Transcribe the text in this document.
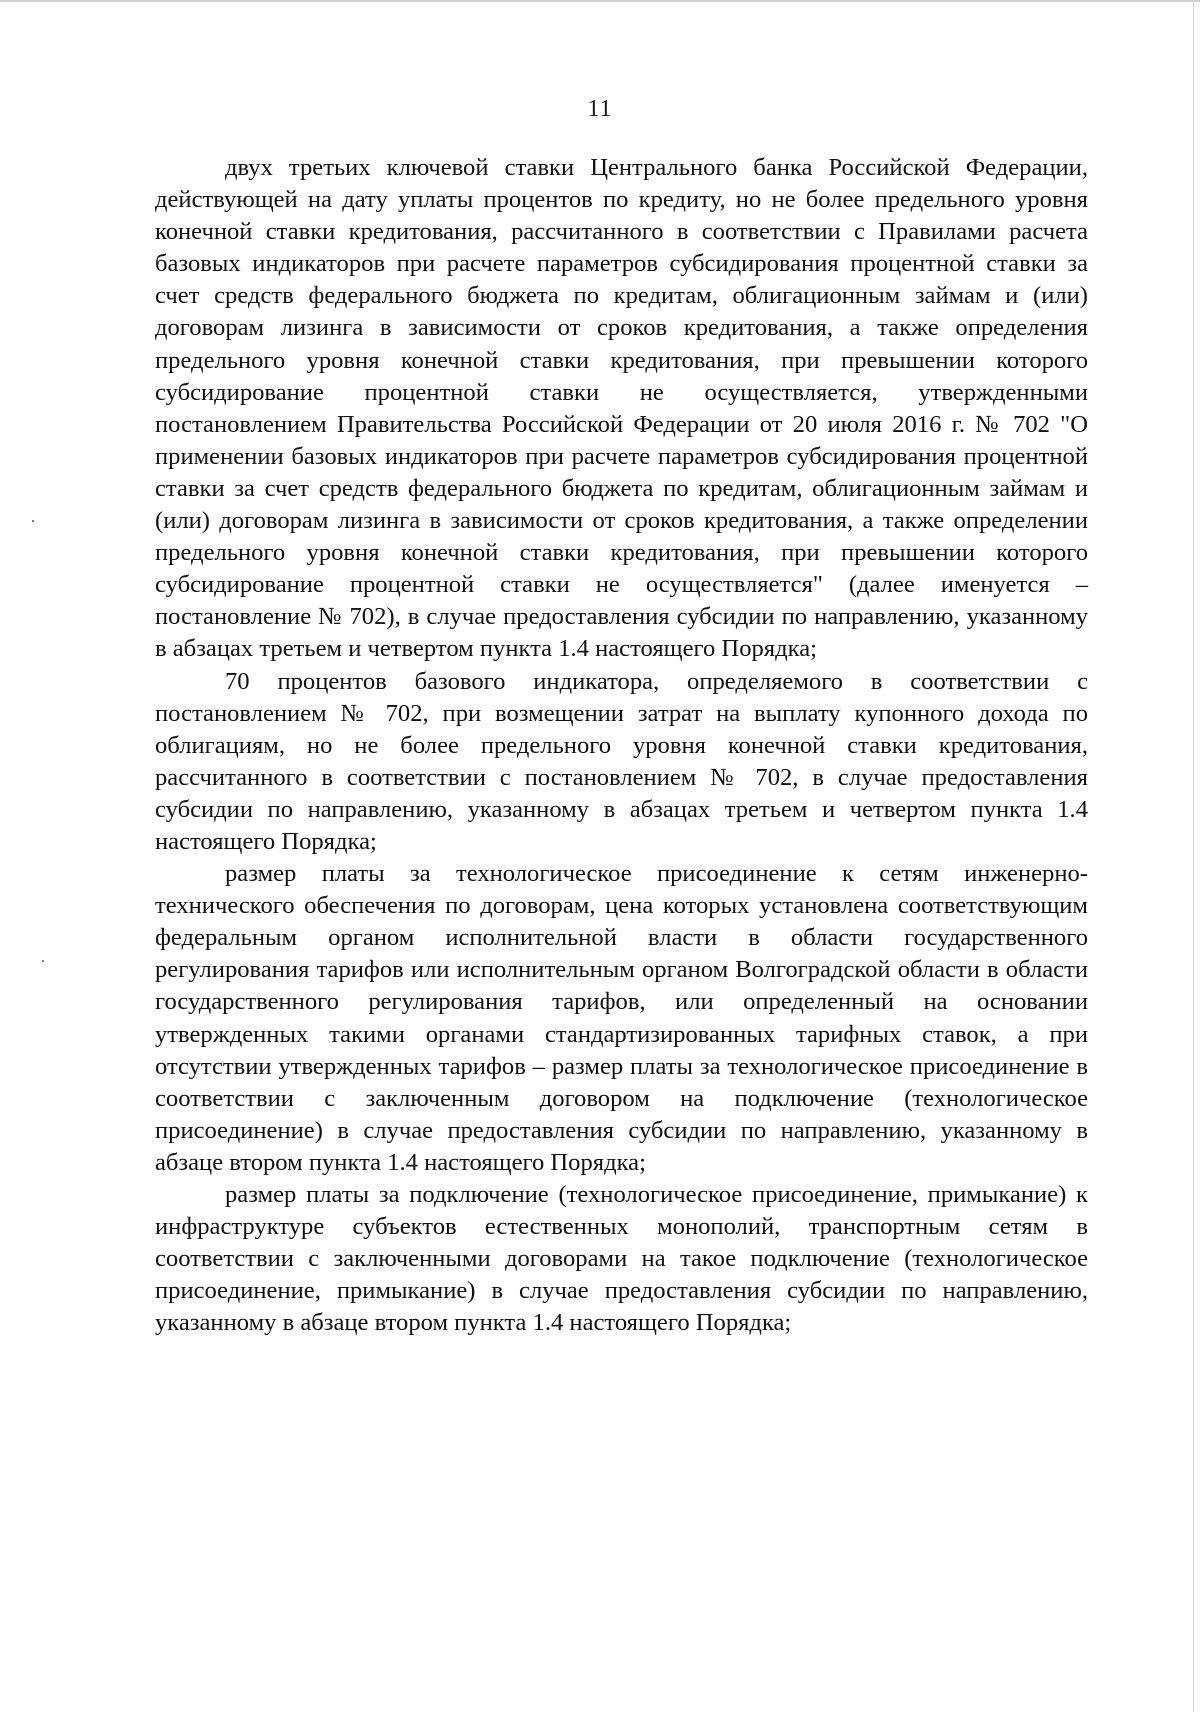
11

двух третьих ключевой ставки Центрального банка Российской Федерации, действующей на дату уплаты процентов по кредиту, но не более предельного уровня конечной ставки кредитования, рассчитанного в соответствии с Правилами расчета базовых индикаторов при расчете параметров субсидирования процентной ставки за счет средств федерального бюджета по кредитам, облигационным займам и (или) договорам лизинга в зависимости от сроков кредитования, а также определения предельного уровня конечной ставки кредитования, при превышении которого субсидирование процентной ставки не осуществляется, утвержденными постановлением Правительства Российской Федерации от 20 июля 2016 г. № 702 "О применении базовых индикаторов при расчете параметров субсидирования процентной ставки за счет средств федерального бюджета по кредитам, облигационным займам и (или) договорам лизинга в зависимости от сроков кредитования, а также определении предельного уровня конечной ставки кредитования, при превышении которого субсидирование процентной ставки не осуществляется" (далее именуется – постановление № 702), в случае предоставления субсидии по направлению, указанному в абзацах третьем и четвертом пункта 1.4 настоящего Порядка;

70 процентов базового индикатора, определяемого в соответствии с постановлением № 702, при возмещении затрат на выплату купонного дохода по облигациям, но не более предельного уровня конечной ставки кредитования, рассчитанного в соответствии с постановлением № 702, в случае предоставления субсидии по направлению, указанному в абзацах третьем и четвертом пункта 1.4 настоящего Порядка;

размер платы за технологическое присоединение к сетям инженерно-технического обеспечения по договорам, цена которых установлена соответствующим федеральным органом исполнительной власти в области государственного регулирования тарифов или исполнительным органом Волгоградской области в области государственного регулирования тарифов, или определенный на основании утвержденных такими органами стандартизированных тарифных ставок, а при отсутствии утвержденных тарифов – размер платы за технологическое присоединение в соответствии с заключенным договором на подключение (технологическое присоединение) в случае предоставления субсидии по направлению, указанному в абзаце втором пункта 1.4 настоящего Порядка;

размер платы за подключение (технологическое присоединение, примыкание) к инфраструктуре субъектов естественных монополий, транспортным сетям в соответствии с заключенными договорами на такое подключение (технологическое присоединение, примыкание) в случае предоставления субсидии по направлению, указанному в абзаце втором пункта 1.4 настоящего Порядка;
